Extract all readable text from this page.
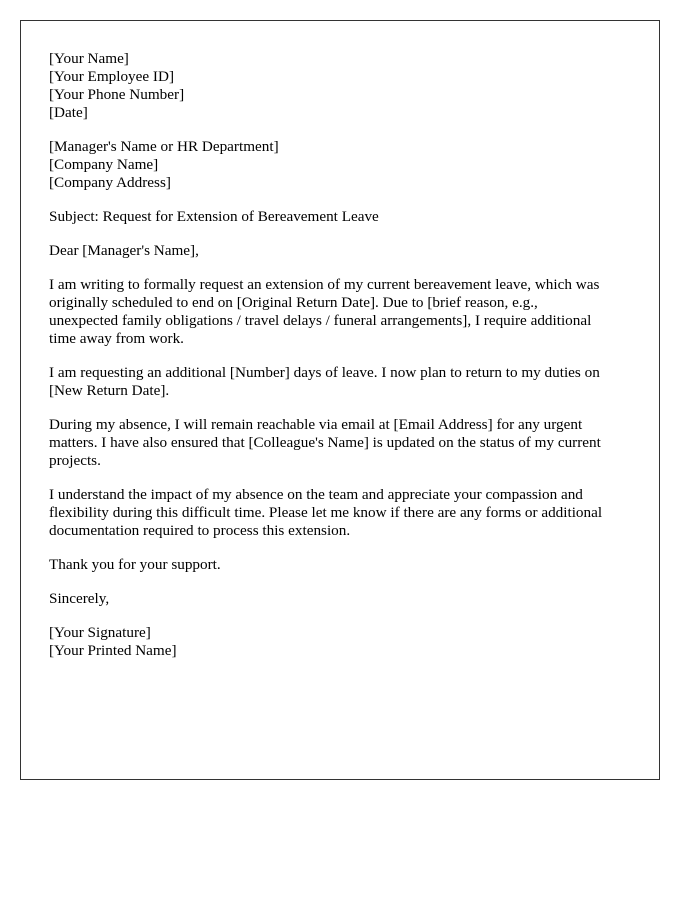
[Your Name]
[Your Employee ID]
[Your Phone Number]
[Date]
[Manager's Name or HR Department]
[Company Name]
[Company Address]
Subject: Request for Extension of Bereavement Leave
Dear [Manager's Name],
I am writing to formally request an extension of my current bereavement leave, which was
originally scheduled to end on [Original Return Date]. Due to [brief reason, e.g.,
unexpected family obligations / travel delays / funeral arrangements], I require additional
time away from work.
I am requesting an additional [Number] days of leave. I now plan to return to my duties on
[New Return Date].
During my absence, I will remain reachable via email at [Email Address] for any urgent
matters. I have also ensured that [Colleague's Name] is updated on the status of my current
projects.
I understand the impact of my absence on the team and appreciate your compassion and
flexibility during this difficult time. Please let me know if there are any forms or additional
documentation required to process this extension.
Thank you for your support.
Sincerely,
[Your Signature]
[Your Printed Name]
